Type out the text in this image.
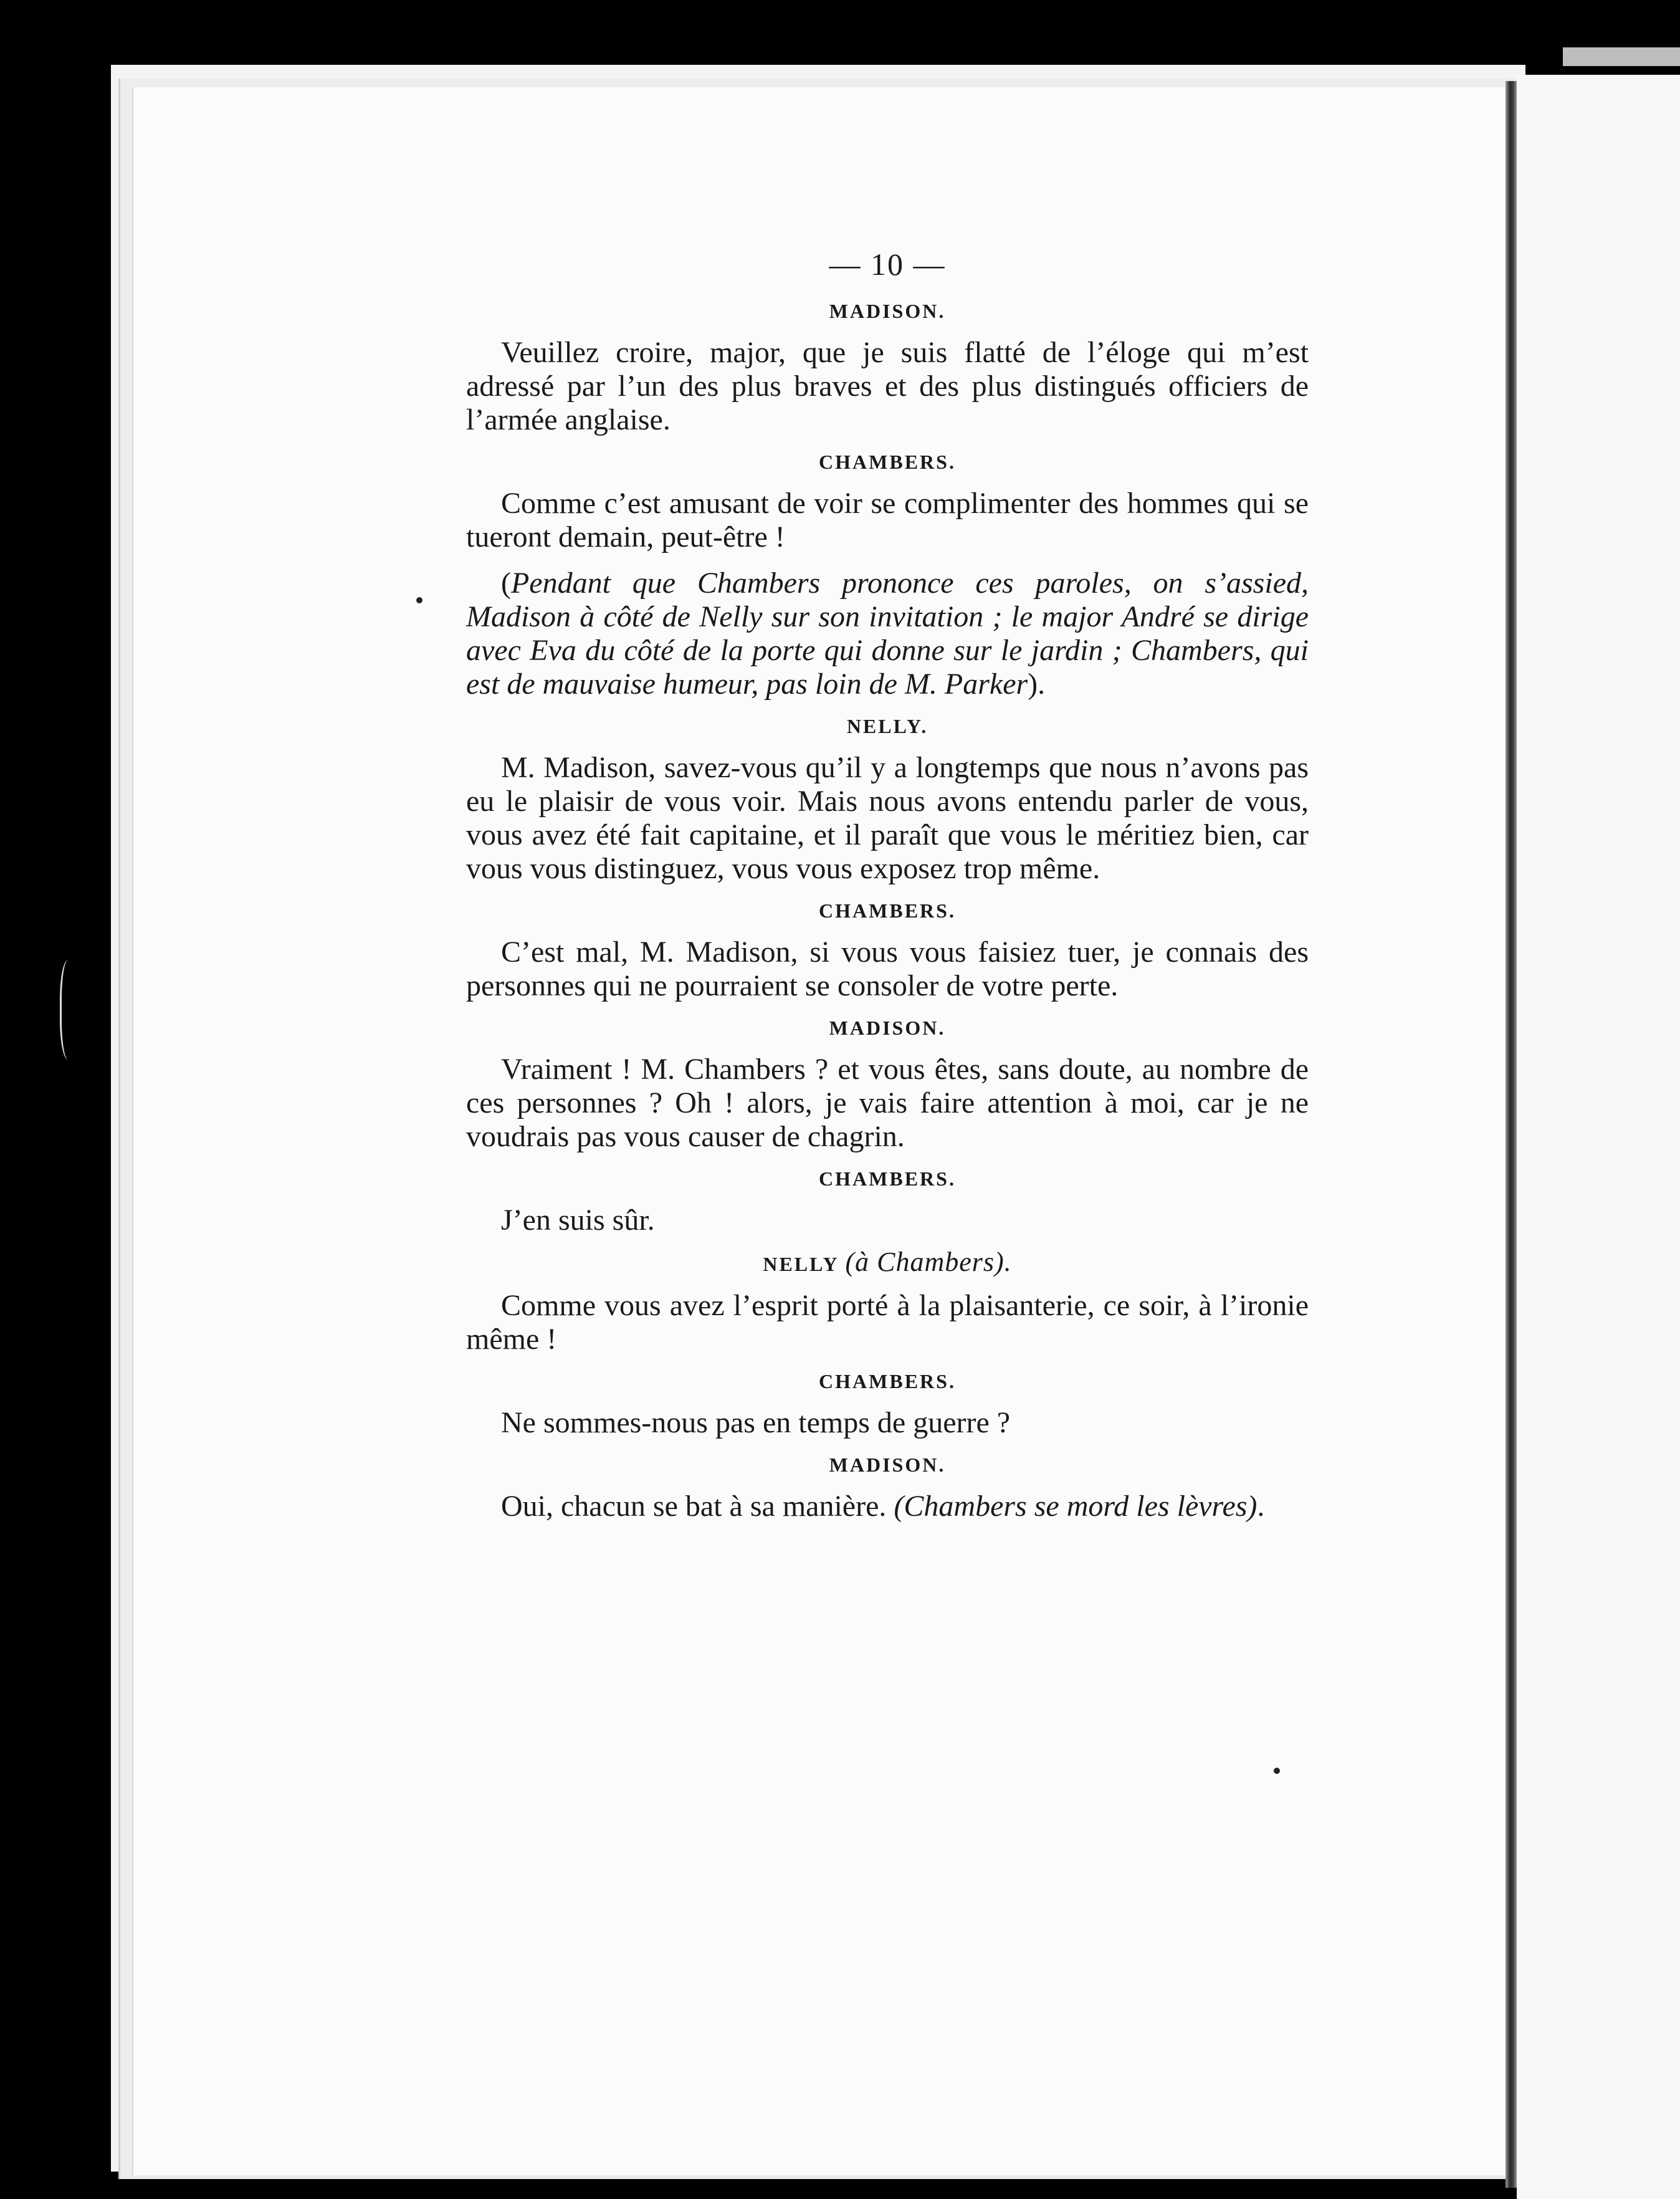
— 10 —
MADISON.

Veuillez croire, major, que je suis flatté de l’éloge qui m’est adressé par l’un des plus braves et des plus distingués officiers de l’armée anglaise.

CHAMBERS.

Comme c’est amusant de voir se complimenter des hommes qui se tueront demain, peut-être !

(Pendant que Chambers prononce ces paroles, on s’assied, Madison à côté de Nelly sur son invitation ; le major André se dirige avec Eva du côté de la porte qui donne sur le jardin ; Chambers, qui est de mauvaise humeur, pas loin de M. Parker).

NELLY.

M. Madison, savez-vous qu’il y a longtemps que nous n’avons pas eu le plaisir de vous voir. Mais nous avons entendu parler de vous, vous avez été fait capitaine, et il paraît que vous le méritiez bien, car vous vous distinguez, vous vous exposez trop même.

CHAMBERS.

C’est mal, M. Madison, si vous vous faisiez tuer, je connais des personnes qui ne pourraient se consoler de votre perte.

MADISON.

Vraiment ! M. Chambers ? et vous êtes, sans doute, au nombre de ces personnes ? Oh ! alors, je vais faire attention à moi, car je ne voudrais pas vous causer de chagrin.

CHAMBERS.

J’en suis sûr.

NELLY (à Chambers).

Comme vous avez l’esprit porté à la plaisanterie, ce soir, à l’ironie même !

CHAMBERS.

Ne sommes-nous pas en temps de guerre ?

MADISON.

Oui, chacun se bat à sa manière. (Chambers se mord les lèvres).
